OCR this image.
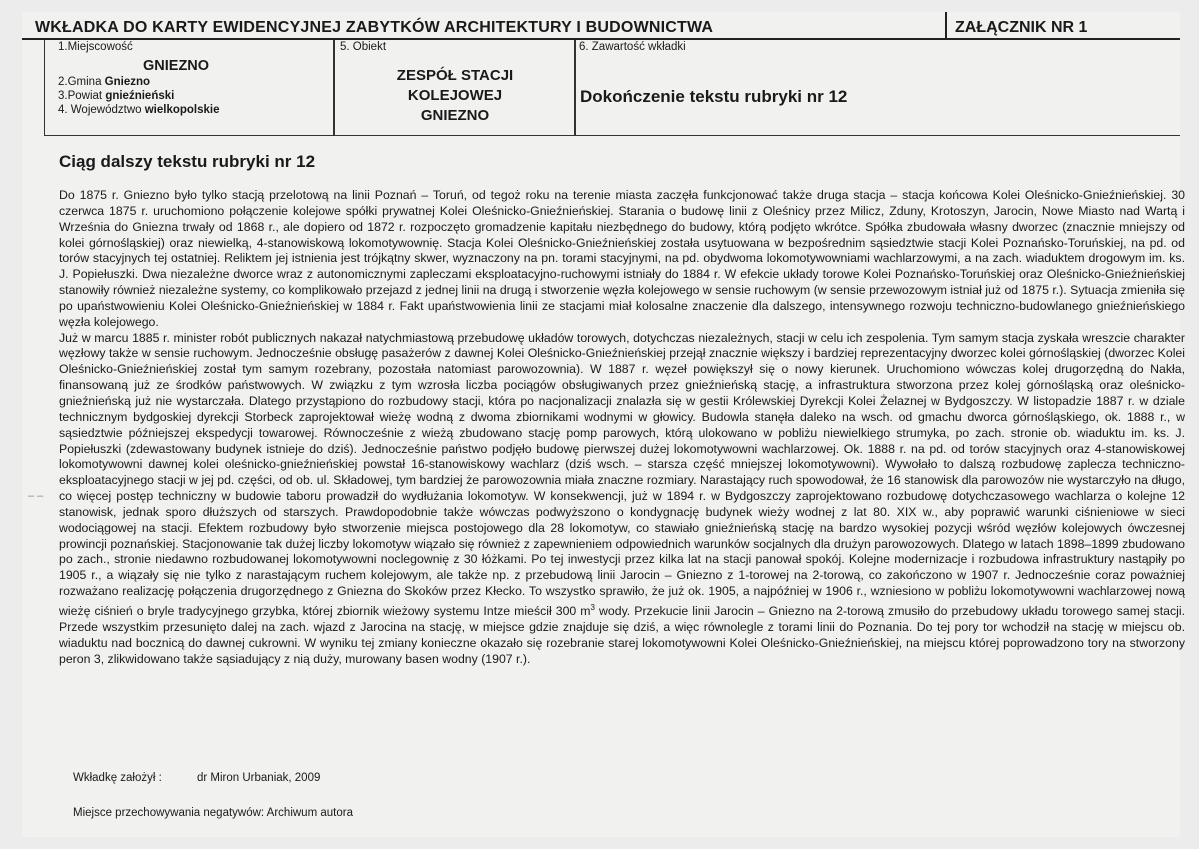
WKŁADKA DO KARTY EWIDENCYJNEJ ZABYTKÓW ARCHITEKTURY I BUDOWNICTWA	ZAŁĄCZNIK NR 1
1.Miejscowość
GNIEZNO
2.Gmina Gniezno
3.Powiat gnieźnieński
4. Województwo wielkopolskie
5. Obiekt
ZESPÓŁ STACJI
KOLEJOWEJ
GNIEZNO
6. Zawartość wkładki
Dokończenie tekstu rubryki nr 12
Ciąg dalszy tekstu rubryki nr 12

Do 1875 r. Gniezno było tylko stacją przelotową na linii Poznań – Toruń, od tegoż roku na terenie miasta zaczęła funkcjonować także druga stacja – stacja końcowa Kolei Oleśnicko-Gnieźnieńskiej. 30 czerwca 1875 r. uruchomiono połączenie kolejowe spółki prywatnej Kolei Oleśnicko-Gnieźnieńskiej. Starania o budowę linii z Oleśnicy przez Milicz, Zduny, Krotoszyn, Jarocin, Nowe Miasto nad Wartą i Września do Gniezna trwały od 1868 r., ale dopiero od 1872 r. rozpoczęto gromadzenie kapitału niezbędnego do budowy, którą podjęto wkrótce. Spółka zbudowała własny dworzec (znacznie mniejszy od kolei górnośląskiej) oraz niewielką, 4-stanowiskową lokomotywownię. Stacja Kolei Oleśnicko-Gnieźnieńskiej została usytuowana w bezpośrednim sąsiedztwie stacji Kolei Poznańsko-Toruńskiej, na pd. od torów stacyjnych tej ostatniej. Reliktem jej istnienia jest trójkątny skwer, wyznaczony na pn. torami stacyjnymi, na pd. obydwoma lokomotywowniami wachlarzowymi, a na zach. wiaduktem drogowym im. ks. J. Popiełuszki. Dwa niezależne dworce wraz z autonomicznymi zapleczami eksploatacyjno-ruchowymi istniały do 1884 r. W efekcie układy torowe Kolei Poznańsko-Toruńskiej oraz Oleśnicko-Gnieźnieńskiej stanowiły również niezależne systemy, co komplikowało przejazd z jednej linii na drugą i stworzenie węzła kolejowego w sensie ruchowym (w sensie przewozowym istniał już od 1875 r.). Sytuacja zmieniła się po upaństwowieniu Kolei Oleśnicko-Gnieźnieńskiej w 1884 r. Fakt upaństwowienia linii ze stacjami miał kolosalne znaczenie dla dalszego, intensywnego rozwoju techniczno-budowlanego gnieźnieńskiego węzła kolejowego.

Już w marcu 1885 r. minister robót publicznych nakazał natychmiastową przebudowę układów torowych, dotychczas niezależnych, stacji w celu ich zespolenia. Tym samym stacja zyskała wreszcie charakter węzłowy także w sensie ruchowym. Jednocześnie obsługę pasażerów z dawnej Kolei Oleśnicko-Gnieźnieńskiej przejął znacznie większy i bardziej reprezentacyjny dworzec kolei górnośląskiej (dworzec Kolei Oleśnicko-Gnieźnieńskiej został tym samym rozebrany, pozostała natomiast parowozownia). W 1887 r. węzeł powiększył się o nowy kierunek. Uruchomiono wówczas kolej drugorzędną do Nakła, finansowaną już ze środków państwowych. W związku z tym wzrosła liczba pociągów obsługiwanych przez gnieźnieńską stację, a infrastruktura stworzona przez kolej górnośląską oraz oleśnicko-gnieźnieńską już nie wystarczała. Dlatego przystąpiono do rozbudowy stacji, która po nacjonalizacji znalazła się w gestii Królewskiej Dyrekcji Kolei Żelaznej w Bydgoszczy. W listopadzie 1887 r. w dziale technicznym bydgoskiej dyrekcji Storbeck zaprojektował wieżę wodną z dwoma zbiornikami wodnymi w głowicy. Budowla stanęła daleko na wsch. od gmachu dworca górnośląskiego, ok. 1888 r., w sąsiedztwie późniejszej ekspedycji towarowej. Równocześnie z wieżą zbudowano stację pomp parowych, którą ulokowano w pobliżu niewielkiego strumyka, po zach. stronie ob. wiaduktu im. ks. J. Popiełuszki (zdewastowany budynek istnieje do dziś). Jednocześnie państwo podjęło budowę pierwszej dużej lokomotywowni wachlarzowej. Ok. 1888 r. na pd. od torów stacyjnych oraz 4-stanowiskowej lokomotywowni dawnej kolei oleśnicko-gnieźnieńskiej powstał 16-stanowiskowy wachlarz (dziś wsch. – starsza część mniejszej lokomotywowni). Wywołało to dalszą rozbudowę zaplecza techniczno-eksploatacyjnego stacji w jej pd. części, od ob. ul. Składowej, tym bardziej że parowozownia miała znaczne rozmiary. Narastający ruch spowodował, że 16 stanowisk dla parowozów nie wystarczyło na długo, co więcej postęp techniczny w budowie taboru prowadził do wydłużania lokomotyw. W konsekwencji, już w 1894 r. w Bydgoszczy zaprojektowano rozbudowę dotychczasowego wachlarza o kolejne 12 stanowisk, jednak sporo dłuższych od starszych. Prawdopodobnie także wówczas podwyższono o kondygnację budynek wieży wodnej z lat 80. XIX w., aby poprawić warunki ciśnieniowe w sieci wodociągowej na stacji. Efektem rozbudowy było stworzenie miejsca postojowego dla 28 lokomotyw, co stawiało gnieźnieńską stację na bardzo wysokiej pozycji wśród węzłów kolejowych ówczesnej prowincji poznańskiej. Stacjonowanie tak dużej liczby lokomotyw wiązało się również z zapewnieniem odpowiednich warunków socjalnych dla drużyn parowozowych. Dlatego w latach 1898–1899 zbudowano po zach., stronie niedawno rozbudowanej lokomotywowni noclegownię z 30 łóżkami. Po tej inwestycji przez kilka lat na stacji panował spokój. Kolejne modernizacje i rozbudowa infrastruktury nastąpiły po 1905 r., a wiązały się nie tylko z narastającym ruchem kolejowym, ale także np. z przebudową linii Jarocin – Gniezno z 1-torowej na 2-torową, co zakończono w 1907 r. Jednocześnie coraz poważniej rozważano realizację połączenia drugorzędnego z Gniezna do Skoków przez Kłecko. To wszystko sprawiło, że już ok. 1905, a najpóźniej w 1906 r., wzniesiono w pobliżu lokomotywowni wachlarzowej nową wieżę ciśnień o bryle tradycyjnego grzybka, której zbiornik wieżowy systemu Intze mieścił 300 $m^3$ wody. Przekucie linii Jarocin – Gniezno na 2-torową zmusiło do przebudowy układu torowego samej stacji. Przede wszystkim przesunięto dalej na zach. wjazd z Jarocina na stację, w miejsce gdzie znajduje się dziś, a więc równolegle z torami linii do Poznania. Do tej pory tor wchodził na stację w miejscu ob. wiaduktu nad bocznicą do dawnej cukrowni. W wyniku tej zmiany konieczne okazało się rozebranie starej lokomotywowni Kolei Oleśnicko-Gnieźnieńskiej, na miejscu której poprowadzono tory na stworzony peron 3, zlikwidowano także sąsiadujący z nią duży, murowany basen wodny (1907 r.).

– –
Wkładkę założył :	dr Miron Urbaniak, 2009
Miejsce przechowywania negatywów: Archiwum autora
